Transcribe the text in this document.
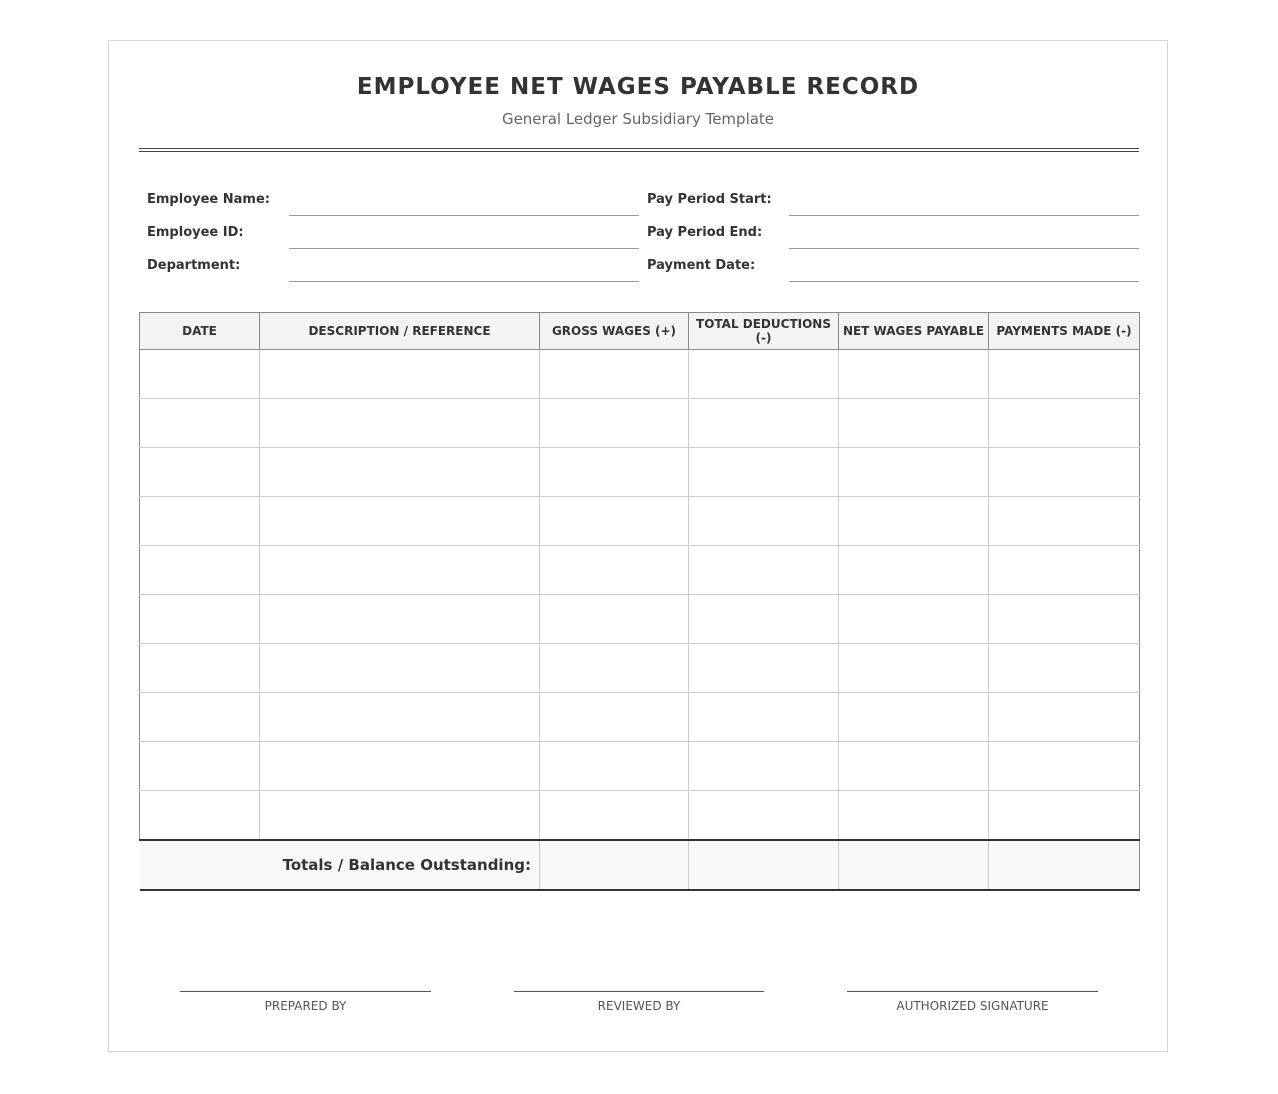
EMPLOYEE NET WAGES PAYABLE RECORD
General Ledger Subsidiary Template
Employee Name:
Employee ID:
Department:
Pay Period Start:
Pay Period End:
Payment Date:
DATE	DESCRIPTION / REFERENCE	GROSS WAGES (+)	TOTAL DEDUCTIONS (-)	NET WAGES PAYABLE	PAYMENTS MADE (-)

Totals / Balance Outstanding:					
PREPARED BY	REVIEWED BY	AUTHORIZED SIGNATURE
